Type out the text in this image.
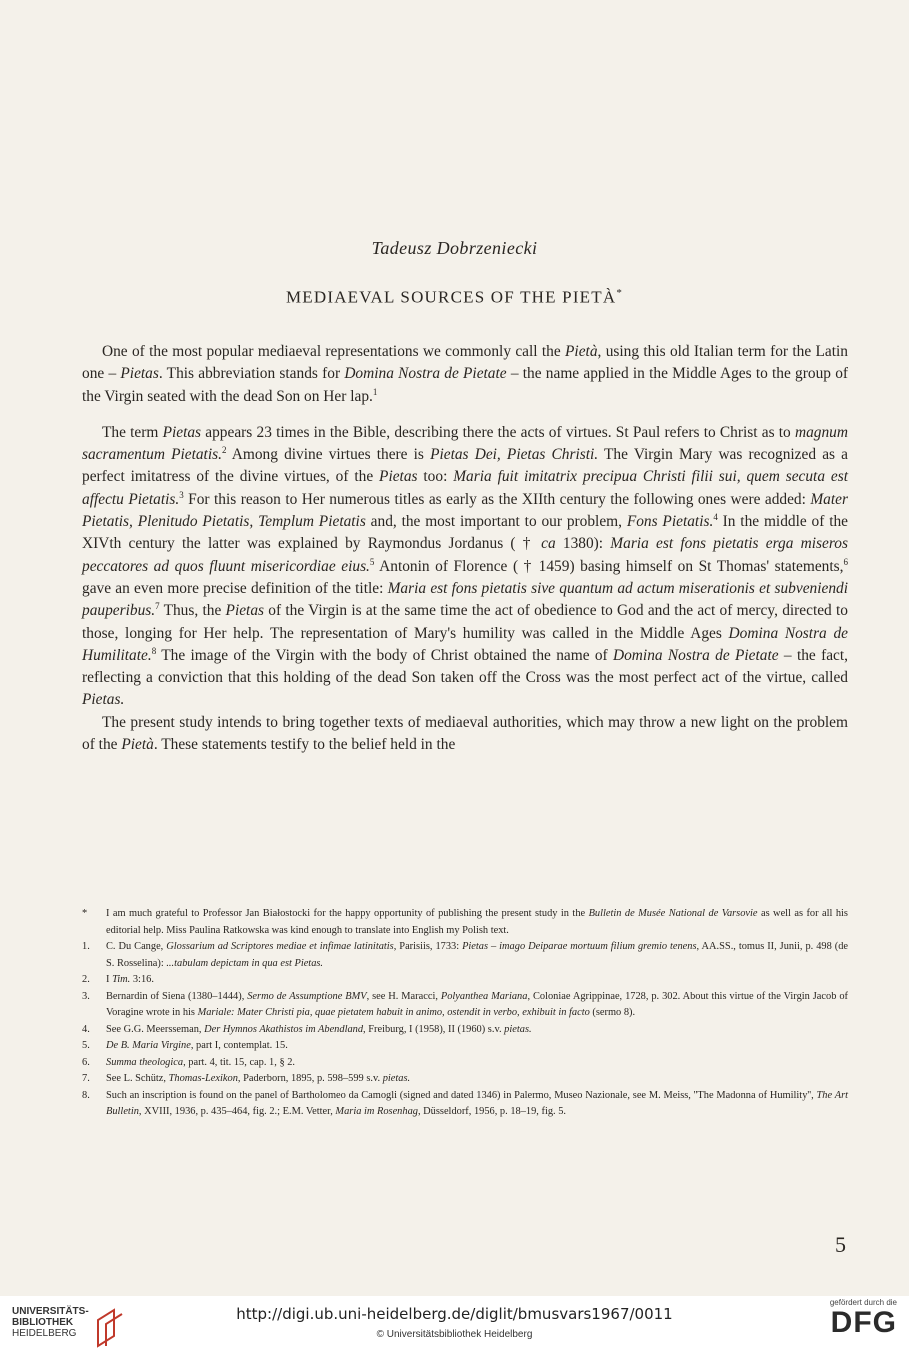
Tadeusz Dobrzeniecki
MEDIAEVAL SOURCES OF THE PIETÀ*

One of the most popular mediaeval representations we commonly call the Pietà, using this old Italian term for the Latin one – Pietas. This abbreviation stands for Domina Nostra de Pietate – the name applied in the Middle Ages to the group of the Virgin seated with the dead Son on Her lap.$^1$

The term Pietas appears 23 times in the Bible, describing there the acts of virtues. St Paul refers to Christ as to magnum sacramentum Pietatis.$^2$ Among divine virtues there is Pietas Dei, Pietas Christi. The Virgin Mary was recognized as a perfect imitatress of the divine virtues, of the Pietas too: Maria fuit imitatrix precipua Christi filii sui, quem secuta est affectu Pietatis.$^3$ For this reason to Her numerous titles as early as the XIIth century the following ones were added: Mater Pietatis, Plenitudo Pietatis, Templum Pietatis and, the most important to our problem, Fons Pietatis.$^4$ In the middle of the XIVth century the latter was explained by Raymondus Jordanus ( † ca 1380): Maria est fons pietatis erga miseros peccatores ad quos fluunt misericordiae eius.$^5$ Antonin of Florence ( † 1459) basing himself on St Thomas' statements,$^6$ gave an even more precise definition of the title: Maria est fons pietatis sive quantum ad actum miserationis et subveniendi pauperibus.$^7$ Thus, the Pietas of the Virgin is at the same time the act of obedience to God and the act of mercy, directed to those, longing for Her help. The representation of Mary's humility was called in the Middle Ages Domina Nostra de Humilitate.$^8$ The image of the Virgin with the body of Christ obtained the name of Domina Nostra de Pietate – the fact, reflecting a conviction that this holding of the dead Son taken off the Cross was the most perfect act of the virtue, called Pietas.

The present study intends to bring together texts of mediaeval authorities, which may throw a new light on the problem of the Pietà. These statements testify to the belief held in the

*	I am much grateful to Professor Jan Białostocki for the happy opportunity of publishing the present study in the Bulletin de Musée National de Varsovie as well as for all his editorial help. Miss Paulina Ratkowska was kind enough to translate into English my Polish text.
1.	C. Du Cange, Glossarium ad Scriptores mediae et infimae latinitatis, Parisiis, 1733: Pietas – imago Deiparae mortuum filium gremio tenens, AA.SS., tomus II, Junii, p. 498 (de S. Rosselina): ...tabulam depictam in qua est Pietas.
2.	I Tim. 3:16.
3.	Bernardin of Siena (1380–1444), Sermo de Assumptione BMV, see H. Maracci, Polyanthea Mariana, Coloniae Agrippinae, 1728, p. 302. About this virtue of the Virgin Jacob of Voragine wrote in his Mariale: Mater Christi pia, quae pietatem habuit in animo, ostendit in verbo, exhibuit in facto (sermo 8).
4.	See G.G. Meersseman, Der Hymnos Akathistos im Abendland, Freiburg, I (1958), II (1960) s.v. pietas.
5.	De B. Maria Virgine, part I, contemplat. 15.
6.	Summa theologica, part. 4, tit. 15, cap. 1, § 2.
7.	See L. Schütz, Thomas-Lexikon, Paderborn, 1895, p. 598–599 s.v. pietas.
8.	Such an inscription is found on the panel of Bartholomeo da Camogli (signed and dated 1346) in Palermo, Museo Nazionale, see M. Meiss, ''The Madonna of Humility'', The Art Bulletin, XVIII, 1936, p. 435–464, fig. 2.; E.M. Vetter, Maria im Rosenhag, Düsseldorf, 1956, p. 18–19, fig. 5.
5
UNIVERSITÄTS-
BIBLIOTHEK
HEIDELBERG
http://digi.ub.uni-heidelberg.de/diglit/bmusvars1967/0011
© Universitätsbibliothek Heidelberg
gefördert durch die
DFG
